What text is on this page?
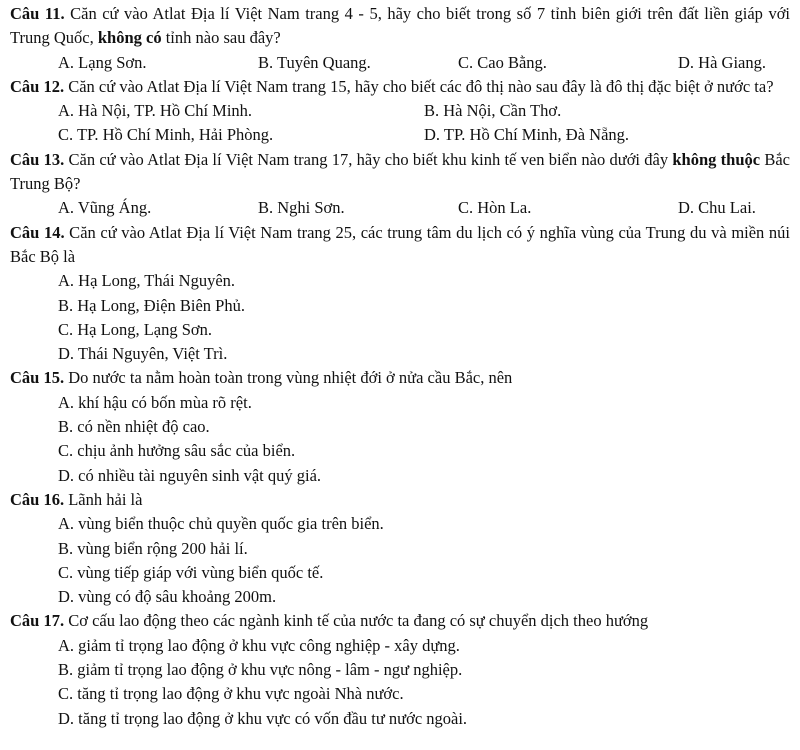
Câu 11. Căn cứ vào Atlat Địa lí Việt Nam trang 4 - 5, hãy cho biết trong số 7 tỉnh biên giới trên đất liền giáp với Trung Quốc, không có tỉnh nào sau đây?
A. Lạng Sơn.	B. Tuyên Quang.	C. Cao Bằng.	D. Hà Giang.
Câu 12. Căn cứ vào Atlat Địa lí Việt Nam trang 15, hãy cho biết các đô thị nào sau đây là đô thị đặc biệt ở nước ta?
A. Hà Nội, TP. Hồ Chí Minh.	B. Hà Nội, Cần Thơ.
C. TP. Hồ Chí Minh, Hải Phòng.	D. TP. Hồ Chí Minh, Đà Nẵng.
Câu 13. Căn cứ vào Atlat Địa lí Việt Nam trang 17, hãy cho biết khu kinh tế ven biển nào dưới đây không thuộc Bắc Trung Bộ?
A. Vũng Áng.	B. Nghi Sơn.	C. Hòn La.	D. Chu Lai.
Câu 14. Căn cứ vào Atlat Địa lí Việt Nam trang 25, các trung tâm du lịch có ý nghĩa vùng của Trung du và miền núi Bắc Bộ là
A. Hạ Long, Thái Nguyên.
B. Hạ Long, Điện Biên Phủ.
C. Hạ Long, Lạng Sơn.
D. Thái Nguyên, Việt Trì.
Câu 15. Do nước ta nằm hoàn toàn trong vùng nhiệt đới ở nửa cầu Bắc, nên
A. khí hậu có bốn mùa rõ rệt.
B. có nền nhiệt độ cao.
C. chịu ảnh hưởng sâu sắc của biển.
D. có nhiều tài nguyên sinh vật quý giá.
Câu 16. Lãnh hải là
A. vùng biển thuộc chủ quyền quốc gia trên biển.
B. vùng biển rộng 200 hải lí.
C. vùng tiếp giáp với vùng biển quốc tế.
D. vùng có độ sâu khoảng 200m.
Câu 17. Cơ cấu lao động theo các ngành kinh tế của nước ta đang có sự chuyển dịch theo hướng
A. giảm tỉ trọng lao động ở khu vực công nghiệp - xây dựng.
B. giảm tỉ trọng lao động ở khu vực nông - lâm - ngư nghiệp.
C. tăng tỉ trọng lao động ở khu vực ngoài Nhà nước.
D. tăng tỉ trọng lao động ở khu vực có vốn đầu tư nước ngoài.
